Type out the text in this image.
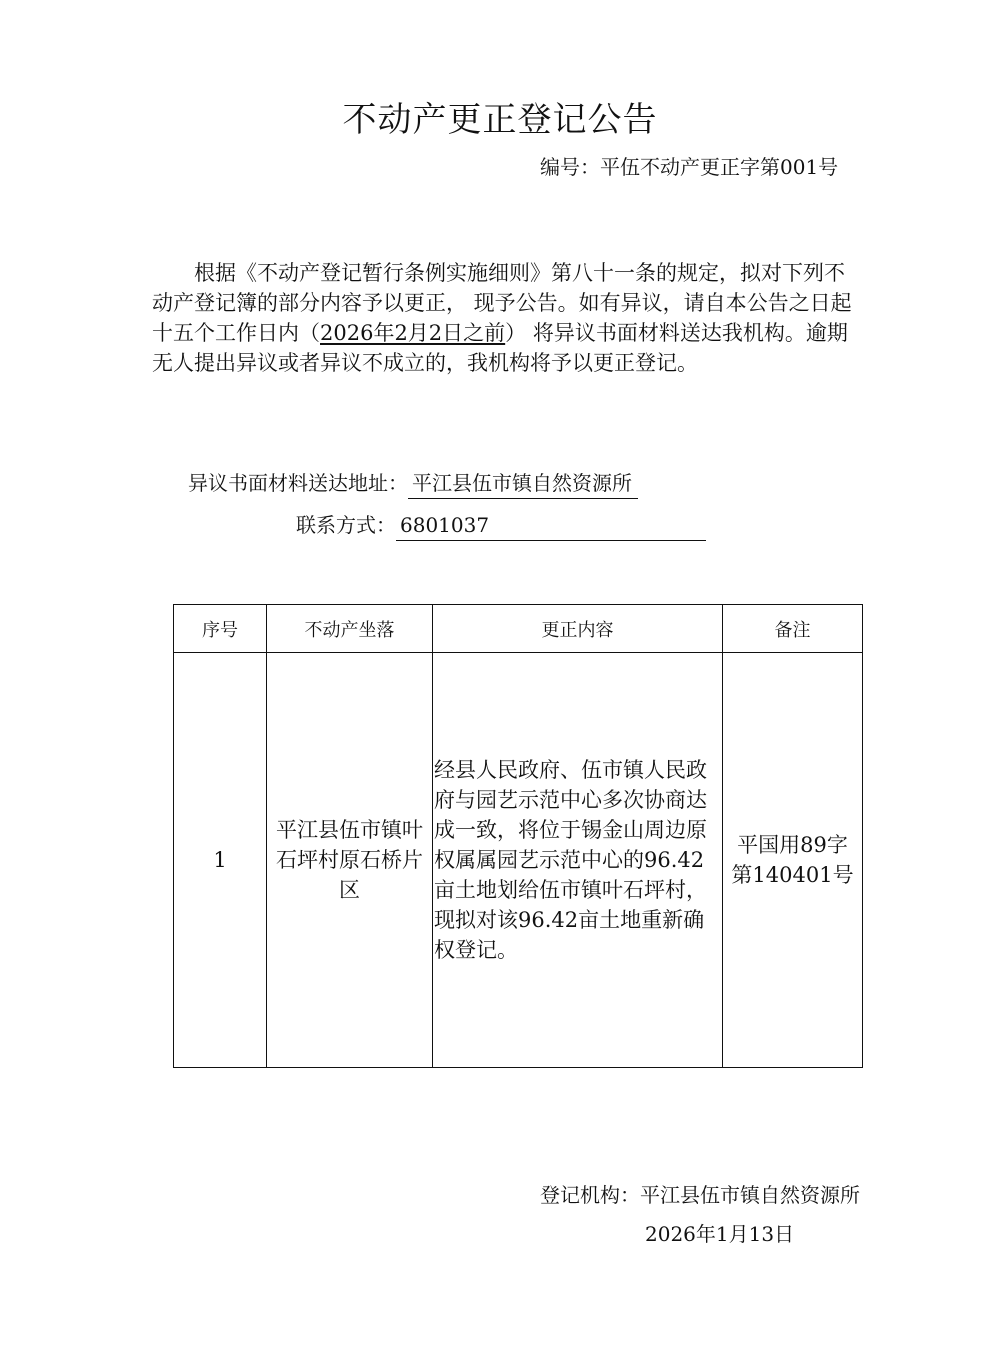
不动产更正登记公告
编号：平伍不动产更正字第001号

根据《不动产登记暂行条例实施细则》第八十一条的规定，拟对下列不动产登记簿的部分内容予以更正， 现予公告。如有异议，请自本公告之日起十五个工作日内（2026年2月2日之前） 将异议书面材料送达我机构。逾期无人提出异议或者异议不成立的，我机构将予以更正登记。

异议书面材料送达地址： 平江县伍市镇自然资源所
联系方式： 6801037
序号	不动产坐落	更正内容	备注
1	平江县伍市镇叶石坪村原石桥片区	经县人民政府、伍市镇人民政府与园艺示范中心多次协商达成一致，将位于锡金山周边原权属属园艺示范中心的96.42亩土地划给伍市镇叶石坪村，现拟对该96.42亩土地重新确权登记。	平国用89字第140401号
登记机构：平江县伍市镇自然资源所
2026年1月13日
